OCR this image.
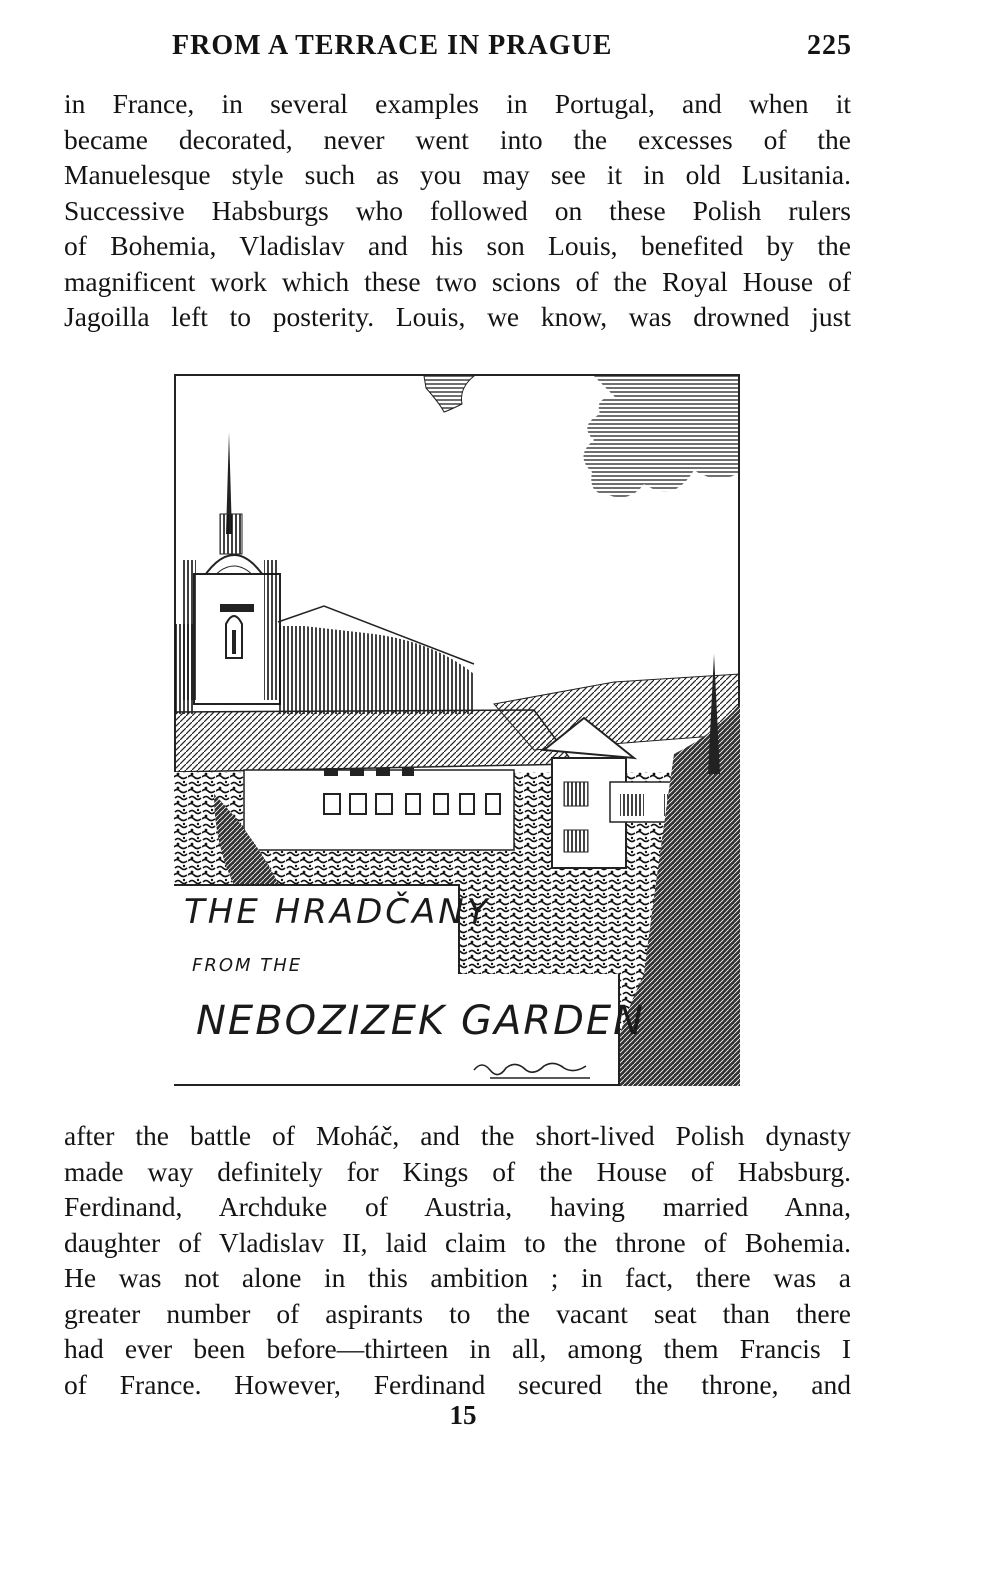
FROM A TERRACE IN PRAGUE	225
in France, in several examples in Portugal, and when it
became decorated, never went into the excesses of the
Manuelesque style such as you may see it in old Lusitania.
Successive Habsburgs who followed on these Polish rulers
of Bohemia, Vladislav and his son Louis, benefited by the
magnificent work which these two scions of the Royal House of
Jagoilla left to posterity. Louis, we know, was drowned just
THE HRADČANY
FROM THE
NEBOZIZEK GARDEN
after the battle of Moháč, and the short-lived Polish dynasty
made way definitely for Kings of the House of Habsburg.
Ferdinand, Archduke of Austria, having married Anna,
daughter of Vladislav II, laid claim to the throne of Bohemia.
He was not alone in this ambition ; in fact, there was a
greater number of aspirants to the vacant seat than there
had ever been before—thirteen in all, among them Francis I
of France. However, Ferdinand secured the throne, and
15
